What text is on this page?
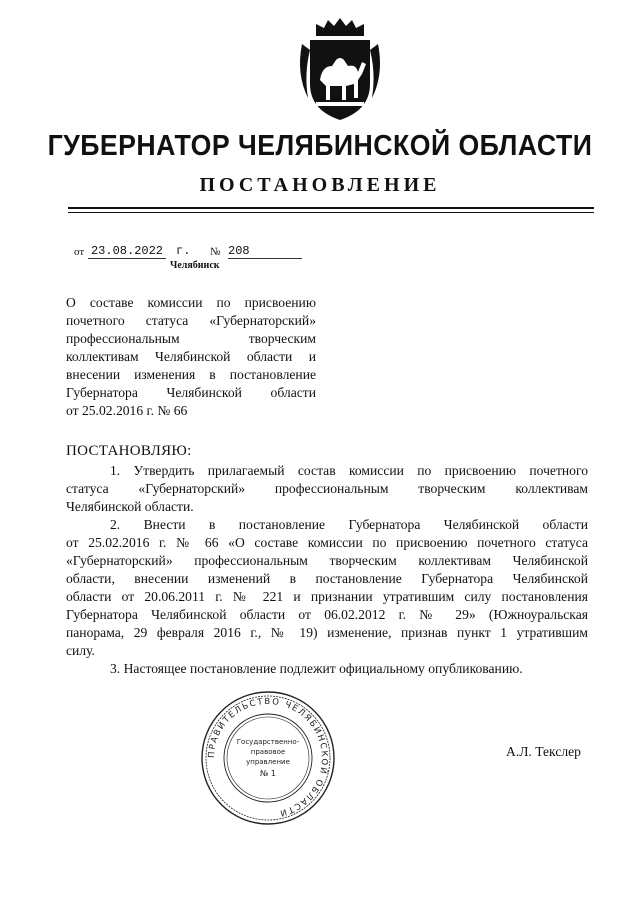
ГУБЕРНАТОР ЧЕЛЯБИНСКОЙ ОБЛАСТИ
ПОСТАНОВЛЕНИЕ
от 23.08.2022 г. № 208
Челябинск
О составе комиссии по присвоению
почетного статуса «Губернаторский»
профессиональным творческим
коллективам Челябинской области и
внесении изменения в постановление
Губернатора Челябинской области
от 25.02.2016 г. № 66
ПОСТАНОВЛЯЮ:
1. Утвердить прилагаемый состав комиссии по присвоению почетного
статуса «Губернаторский» профессиональным творческим коллективам
Челябинской области.
2. Внести в постановление Губернатора Челябинской области
от 25.02.2016 г. № 66 «О составе комиссии по присвоению почетного статуса
«Губернаторский» профессиональным творческим коллективам Челябинской
области, внесении изменений в постановление Губернатора Челябинской
области от 20.06.2011 г. № 221 и признании утратившим силу постановления
Губернатора Челябинской области от 06.02.2012 г. № 29» (Южноуральская
панорама, 29 февраля 2016 г., № 19) изменение, признав пункт 1 утратившим
силу.
3. Настоящее постановление подлежит официальному опубликованию.
ПРАВИТЕЛЬСТВО ЧЕЛЯБИНСКОЙ ОБЛАСТИ
Государственно-
правовое
управление
№ 1
А.Л. Текслер
